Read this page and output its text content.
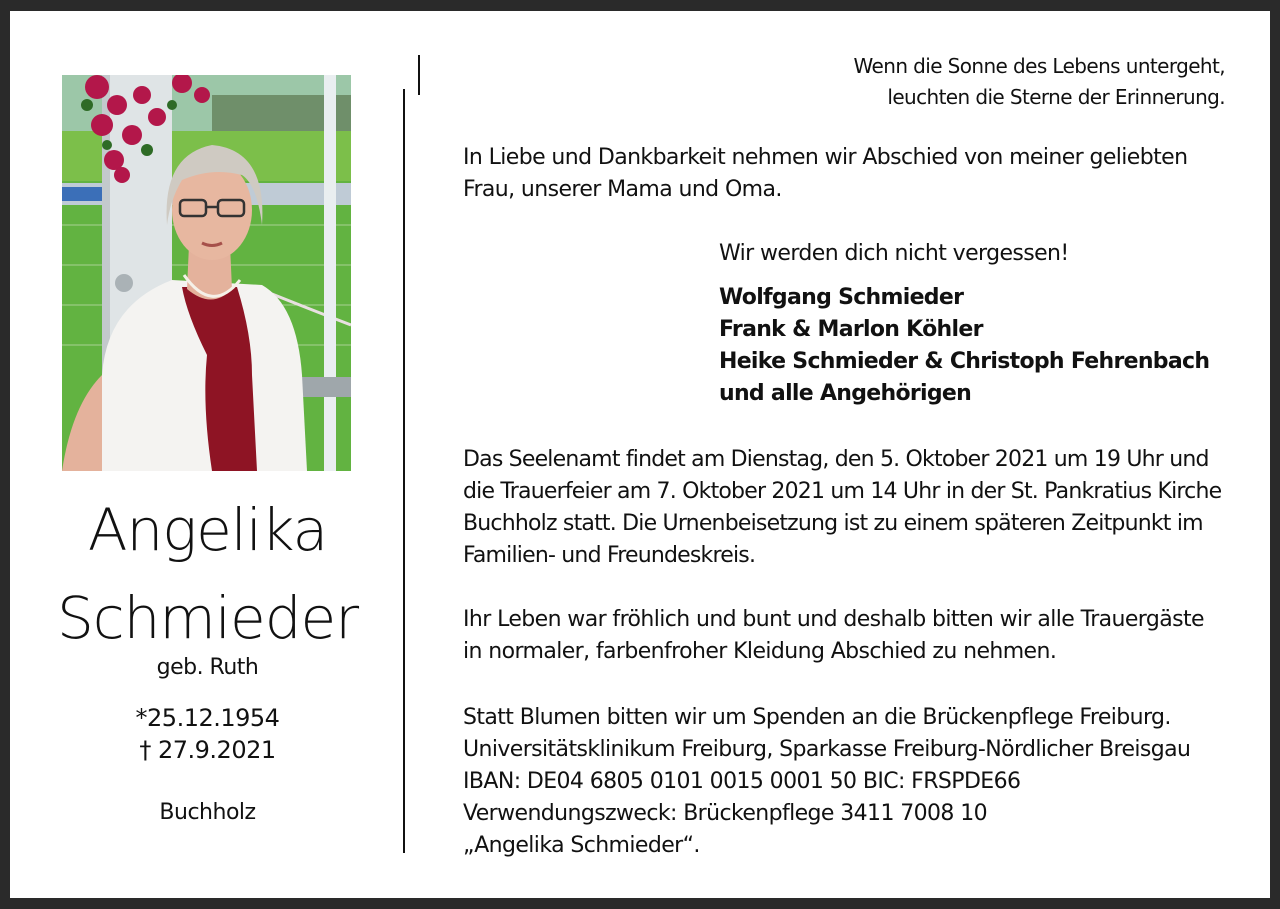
Angelika
Schmieder
geb. Ruth
*25.12.1954
† 27.9.2021
Buchholz
Wenn die Sonne des Lebens untergeht,
leuchten die Sterne der Erinnerung.
In Liebe und Dankbarkeit nehmen wir Abschied von meiner geliebten
Frau, unserer Mama und Oma.
Wir werden dich nicht vergessen!
Wolfgang Schmieder
Frank & Marlon Köhler
Heike Schmieder & Christoph Fehrenbach
und alle Angehörigen
Das Seelenamt findet am Dienstag, den 5. Oktober 2021 um 19 Uhr und
die Trauerfeier am 7. Oktober 2021 um 14 Uhr in der St. Pankratius Kirche
Buchholz statt. Die Urnenbeisetzung ist zu einem späteren Zeitpunkt im
Familien- und Freundeskreis.
Ihr Leben war fröhlich und bunt und deshalb bitten wir alle Trauergäste
in normaler, farbenfroher Kleidung Abschied zu nehmen.
Statt Blumen bitten wir um Spenden an die Brückenpflege Freiburg.
Universitätsklinikum Freiburg, Sparkasse Freiburg-Nördlicher Breisgau
IBAN: DE04 6805 0101 0015 0001 50 BIC: FRSPDE66
Verwendungszweck: Brückenpflege 3411 7008 10
„Angelika Schmieder“.
